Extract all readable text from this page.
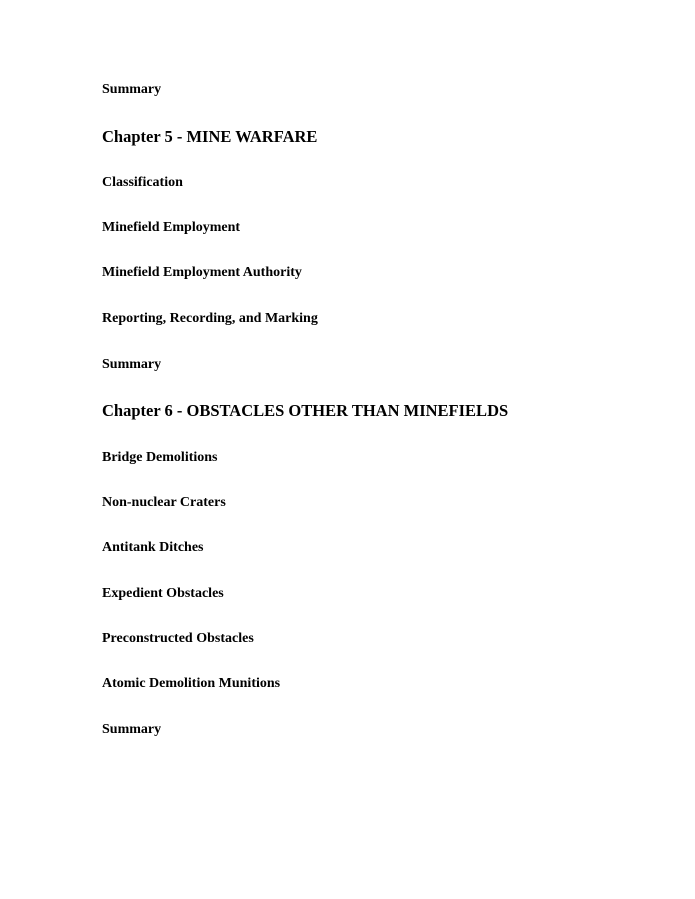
Summary

Chapter 5 - MINE WARFARE

Classification

Minefield Employment

Minefield Employment Authority

Reporting, Recording, and Marking

Summary

Chapter 6 - OBSTACLES OTHER THAN MINEFIELDS

Bridge Demolitions

Non-nuclear Craters

Antitank Ditches

Expedient Obstacles

Preconstructed Obstacles

Atomic Demolition Munitions

Summary
